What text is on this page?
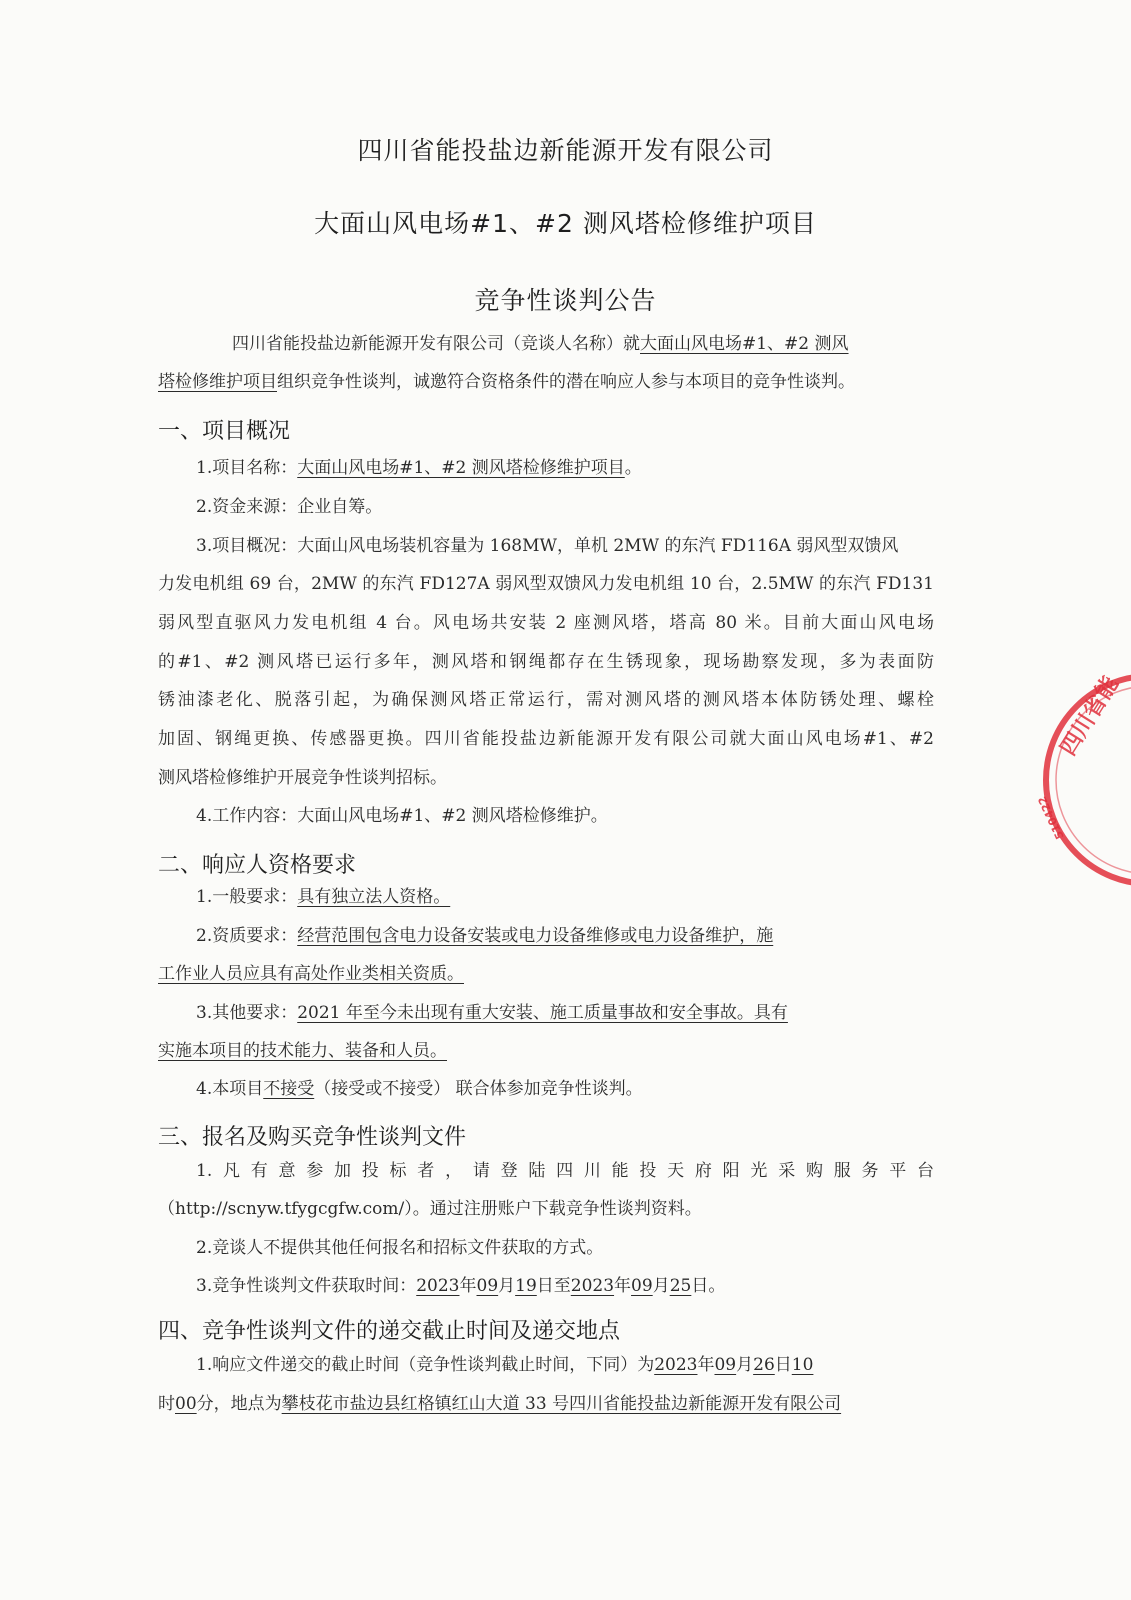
四川省能投盐边新能源开发有限公司
大面山风电场#1、#2 测风塔检修维护项目
竞争性谈判公告
四川省能投盐边新能源开发有限公司（竞谈人名称）就大面山风电场#1、#2 测风
塔检修维护项目组织竞争性谈判，诚邀符合资格条件的潜在响应人参与本项目的竞争性谈判。
一、项目概况
1.项目名称：大面山风电场#1、#2 测风塔检修维护项目。
2.资金来源：企业自筹。
3.项目概况：大面山风电场装机容量为 168MW，单机 2MW 的东汽 FD116A 弱风型双馈风
力发电机组 69 台，2MW 的东汽 FD127A 弱风型双馈风力发电机组 10 台，2.5MW 的东汽 FD131
弱风型直驱风力发电机组 4 台。风电场共安装 2 座测风塔，塔高 80 米。目前大面山风电场
的#1、#2 测风塔已运行多年，测风塔和钢绳都存在生锈现象，现场勘察发现，多为表面防
锈油漆老化、脱落引起，为确保测风塔正常运行，需对测风塔的测风塔本体防锈处理、螺栓
加固、钢绳更换、传感器更换。四川省能投盐边新能源开发有限公司就大面山风电场#1、#2
测风塔检修维护开展竞争性谈判招标。
4.工作内容：大面山风电场#1、#2 测风塔检修维护。
二、响应人资格要求
1.一般要求：具有独立法人资格。
2.资质要求：经营范围包含电力设备安装或电力设备维修或电力设备维护，施
工作业人员应具有高处作业类相关资质。
3.其他要求：2021 年至今未出现有重大安装、施工质量事故和安全事故。具有
实施本项目的技术能力、装备和人员。
4.本项目不接受（接受或不接受） 联合体参加竞争性谈判。
三、报名及购买竞争性谈判文件
1.凡有意参加投标者，请登陆四川能投天府阳光采购服务平台
（http://scnyw.tfygcgfw.com/）。通过注册账户下载竞争性谈判资料。
2.竞谈人不提供其他任何报名和招标文件获取的方式。
3.竞争性谈判文件获取时间：2023年09月19日至2023年09月25日。
四、竞争性谈判文件的递交截止时间及递交地点
1.响应文件递交的截止时间（竞争性谈判截止时间，下同）为2023年09月26日10
时00分，地点为攀枝花市盐边县红格镇红山大道 33 号四川省能投盐边新能源开发有限公司
四川省能
510422
